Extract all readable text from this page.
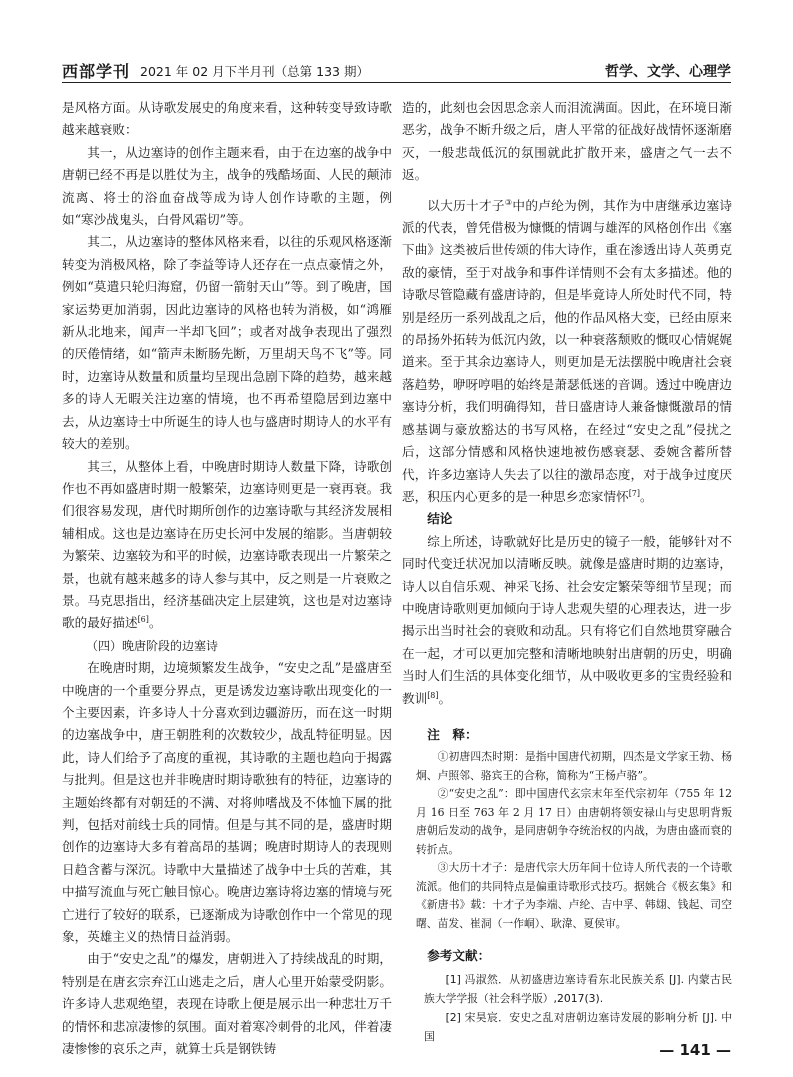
西部学刊 2021 年 02 月下半月刊（总第 133 期）	哲学、文学、心理学

是风格方面。从诗歌发展史的角度来看，这种转变导致诗歌越来越衰败：

其一，从边塞诗的创作主题来看，由于在边塞的战争中唐朝已经不再是以胜仗为主，战争的残酷场面、人民的颠沛流离、将士的浴血奋战等成为诗人创作诗歌的主题，例如“寒沙战鬼头，白骨风霜切”等。

其二，从边塞诗的整体风格来看，以往的乐观风格逐渐转变为消极风格，除了李益等诗人还存在一点点豪情之外，例如“莫遣只轮归海窟，仍留一箭射天山”等。到了晚唐，国家运势更加消弱，因此边塞诗的风格也转为消极，如“鸿雁新从北地来，闻声一半却飞回”；或者对战争表现出了强烈的厌倦情绪，如“箭声未断肠先断，万里胡天鸟不飞”等。同时，边塞诗从数量和质量均呈现出急剧下降的趋势，越来越多的诗人无暇关注边塞的情境，也不再希望隐居到边塞中去，从边塞诗士中所诞生的诗人也与盛唐时期诗人的水平有较大的差别。

其三，从整体上看，中晚唐时期诗人数量下降，诗歌创作也不再如盛唐时期一般繁荣，边塞诗则更是一衰再衰。我们很容易发现，唐代时期所创作的边塞诗歌与其经济发展相辅相成。这也是边塞诗在历史长河中发展的缩影。当唐朝较为繁荣、边塞较为和平的时候，边塞诗歌表现出一片繁荣之景，也就有越来越多的诗人参与其中，反之则是一片衰败之景。马克思指出，经济基础决定上层建筑，这也是对边塞诗歌的最好描述[6]。

（四）晚唐阶段的边塞诗

在晚唐时期，边境频繁发生战争，“安史之乱”是盛唐至中晚唐的一个重要分界点，更是诱发边塞诗歌出现变化的一个主要因素，许多诗人十分喜欢到边疆游历，而在这一时期的边塞战争中，唐王朝胜利的次数较少，战乱特征明显。因此，诗人们给予了高度的重视，其诗歌的主题也趋向于揭露与批判。但是这也并非晚唐时期诗歌独有的特征，边塞诗的主题始终都有对朝廷的不满、对将帅嗜战及不体恤下属的批判，包括对前线士兵的同情。但是与其不同的是，盛唐时期创作的边塞诗大多有着高昂的基调；晚唐时期诗人的表现则日趋含蓄与深沉。诗歌中大量描述了战争中士兵的苦难，其中描写流血与死亡触目惊心。晚唐边塞诗将边塞的情境与死亡进行了较好的联系，已逐渐成为诗歌创作中一个常见的现象，英雄主义的热情日益消弱。

由于“安史之乱”的爆发，唐朝进入了持续战乱的时期，特别是在唐玄宗弃江山逃走之后，唐人心里开始蒙受阴影。许多诗人悲观绝望，表现在诗歌上便是展示出一种悲壮万千的情怀和悲凉凄惨的氛围。面对着寒冷刺骨的北风，伴着凄凄惨惨的哀乐之声，就算士兵是钢铁铸

造的，此刻也会因思念亲人而泪流满面。因此，在环境日渐恶劣，战争不断升级之后，唐人平常的征战好战情怀逐渐磨灭，一般悲哉低沉的氛围就此扩散开来，盛唐之气一去不返。

以大历十才子③中的卢纶为例，其作为中唐继承边塞诗派的代表，曾凭借极为慷慨的情调与雄浑的风格创作出《塞下曲》这类被后世传颂的伟大诗作，重在渗透出诗人英勇克敌的豪情，至于对战争和事件详情则不会有太多描述。他的诗歌尽管隐藏有盛唐诗韵，但是毕竟诗人所处时代不同，特别是经历一系列战乱之后，他的作品风格大变，已经由原来的昂扬外拓转为低沉内敛，以一种衰落颓败的慨叹心情娓娓道来。至于其余边塞诗人，则更加是无法摆脱中晚唐社会衰落趋势，咿呀哼唱的始终是萧瑟低迷的音调。透过中晚唐边塞诗分析，我们明确得知，昔日盛唐诗人兼备慷慨激昂的情感基调与豪放豁达的书写风格，在经过“安史之乱”侵扰之后，这部分情感和风格快速地被伤感衰瑟、委婉含蓄所替代，许多边塞诗人失去了以往的激昂态度，对于战争过度厌恶，积压内心更多的是一种思乡恋家情怀[7]。

结论

综上所述，诗歌就好比是历史的镜子一般，能够针对不同时代变迁状况加以清晰反映。就像是盛唐时期的边塞诗，诗人以自信乐观、神采飞扬、社会安定繁荣等细节呈现；而中晚唐诗歌则更加倾向于诗人悲观失望的心理表达，进一步揭示出当时社会的衰败和动乱。只有将它们自然地贯穿融合在一起，才可以更加完整和清晰地映射出唐朝的历史，明确当时人们生活的具体变化细节，从中吸收更多的宝贵经验和教训[8]。

注　释：

①初唐四杰时期：是指中国唐代初期，四杰是文学家王勃、杨炯、卢照邻、骆宾王的合称，简称为“王杨卢骆”。

②“安史之乱”：即中国唐代玄宗末年至代宗初年（755 年 12 月 16 日至 763 年 2 月 17 日）由唐朝将领安禄山与史思明背叛唐朝后发动的战争，是同唐朝争夺统治权的内战，为唐由盛而衰的转折点。

③大历十才子：是唐代宗大历年间十位诗人所代表的一个诗歌流派。他们的共同特点是偏重诗歌形式技巧。据姚合《极玄集》和《新唐书》载：十才子为李端、卢纶、吉中孚、韩翃、钱起、司空曙、苗发、崔洞（一作峒）、耿湋、夏侯审。

参考文献：

[1] 冯淑然．从初盛唐边塞诗看东北民族关系 [J]. 内蒙古民族大学学报（社会科学版）,2017(3).

[2] 宋昊宸．安史之乱对唐朝边塞诗发展的影响分析 [J]. 中国

— 141 —
